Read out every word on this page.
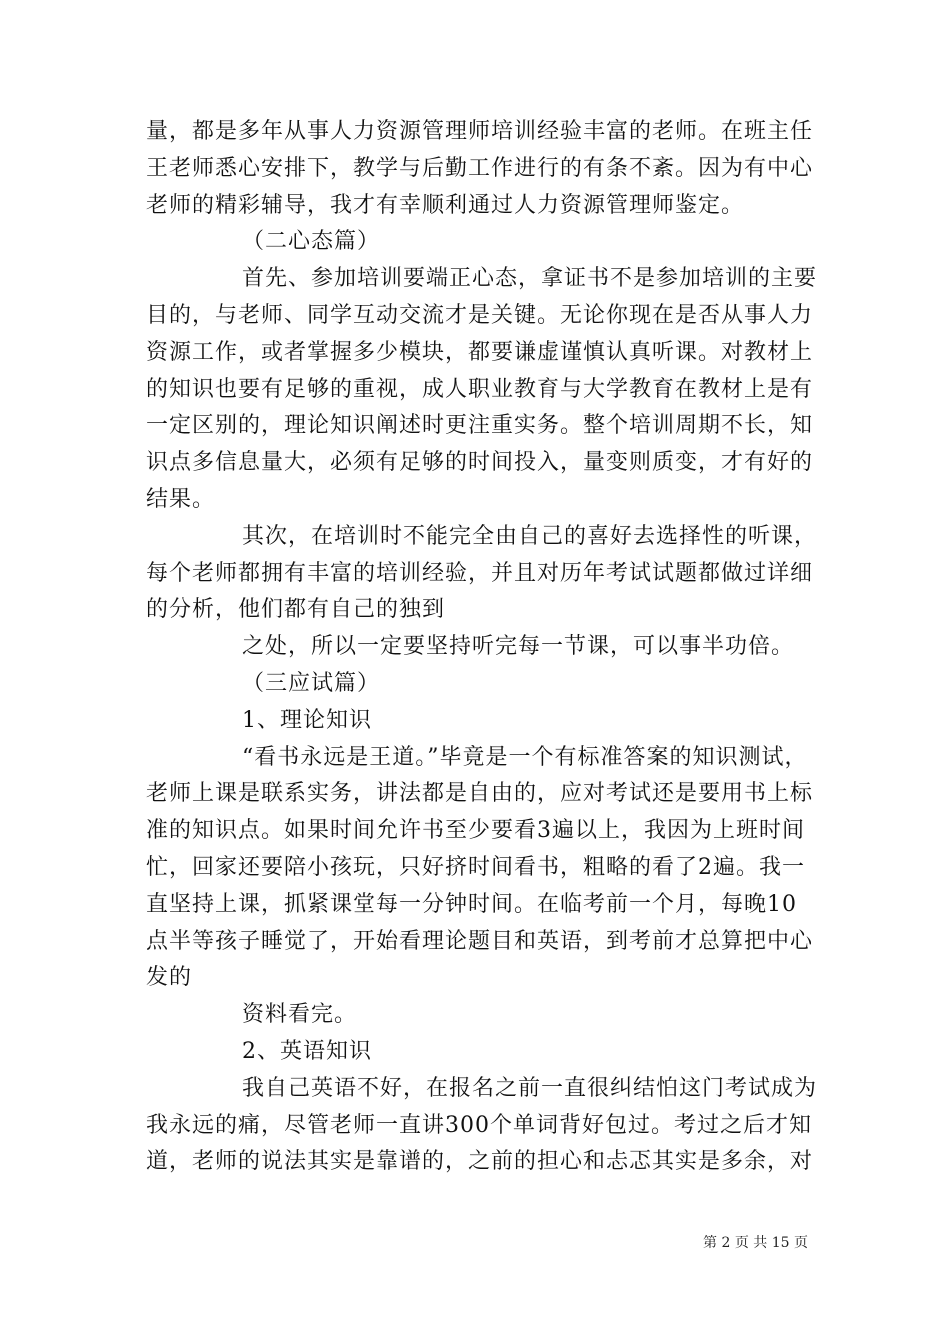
量，都是多年从事人力资源管理师培训经验丰富的老师。在班主任王老师悉心安排下，教学与后勤工作进行的有条不紊。因为有中心老师的精彩辅导，我才有幸顺利通过人力资源管理师鉴定。

（二心态篇）

首先、参加培训要端正心态，拿证书不是参加培训的主要目的，与老师、同学互动交流才是关键。无论你现在是否从事人力资源工作，或者掌握多少模块，都要谦虚谨慎认真听课。对教材上的知识也要有足够的重视，成人职业教育与大学教育在教材上是有一定区别的，理论知识阐述时更注重实务。整个培训周期不长，知识点多信息量大，必须有足够的时间投入，量变则质变，才有好的结果。

其次，在培训时不能完全由自己的喜好去选择性的听课，每个老师都拥有丰富的培训经验，并且对历年考试试题都做过详细的分析，他们都有自己的独到

之处，所以一定要坚持听完每一节课，可以事半功倍。

（三应试篇）

1、理论知识

“看书永远是王道。”毕竟是一个有标准答案的知识测试，老师上课是联系实务，讲法都是自由的，应对考试还是要用书上标准的知识点。如果时间允许书至少要看3遍以上，我因为上班时间忙，回家还要陪小孩玩，只好挤时间看书，粗略的看了2遍。我一直坚持上课，抓紧课堂每一分钟时间。在临考前一个月，每晚10点半等孩子睡觉了，开始看理论题目和英语，到考前才总算把中心发的

资料看完。

2、英语知识

我自己英语不好，在报名之前一直很纠结怕这门考试成为我永远的痛，尽管老师一直讲300个单词背好包过。考过之后才知道，老师的说法其实是靠谱的，之前的担心和忐忑其实是多余，对

第 2 页 共 15 页
